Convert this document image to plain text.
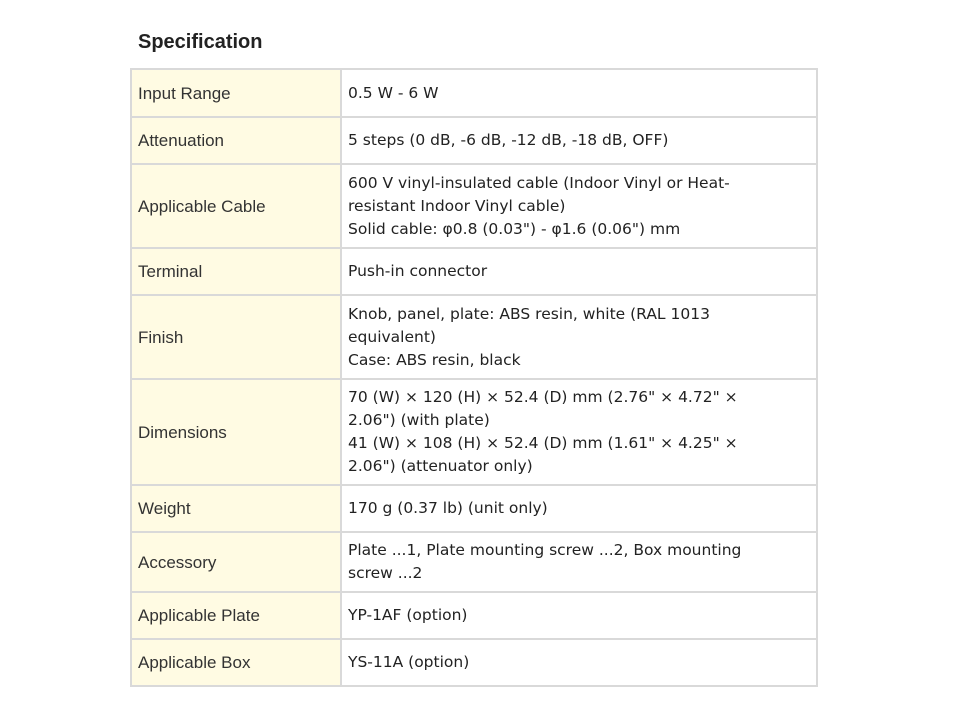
Specification
Input Range	0.5 W - 6 W

Attenuation	5 steps (0 dB, -6 dB, -12 dB, -18 dB, OFF)

Applicable Cable	600 V vinyl-insulated cable (Indoor Vinyl or Heat-
resistant Indoor Vinyl cable)
Solid cable: φ0.8 (0.03") - φ1.6 (0.06") mm

Terminal	Push-in connector

Finish	Knob, panel, plate: ABS resin, white (RAL 1013
equivalent)
Case: ABS resin, black

Dimensions	70 (W) × 120 (H) × 52.4 (D) mm (2.76" × 4.72" ×
2.06") (with plate)
41 (W) × 108 (H) × 52.4 (D) mm (1.61" × 4.25" ×
2.06") (attenuator only)

Weight	170 g (0.37 lb) (unit only)

Accessory	Plate ...1, Plate mounting screw ...2, Box mounting
screw ...2

Applicable Plate	YP-1AF (option)

Applicable Box	YS-11A (option)
